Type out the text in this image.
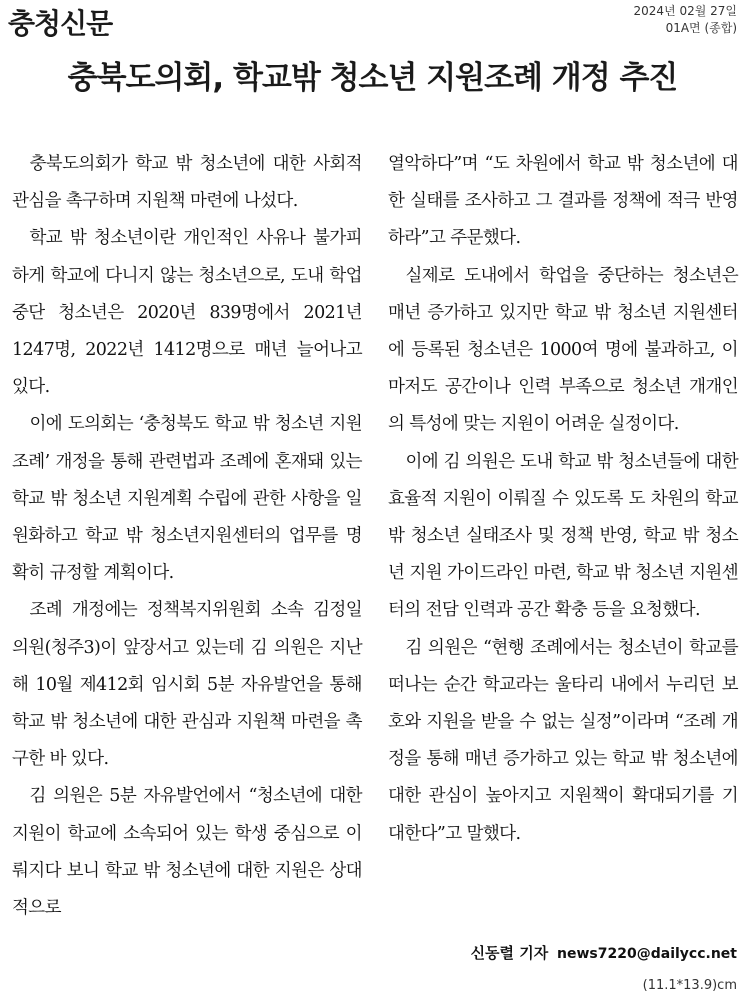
충청신문	2024년 02월 27일
01A면 (종합)
충북도의회, 학교밖 청소년 지원조례 개정 추진

충북도의회가 학교 밖 청소년에 대한 사회적 관심을 촉구하며 지원책 마련에 나섰다.

학교 밖 청소년이란 개인적인 사유나 불가피하게 학교에 다니지 않는 청소년으로, 도내 학업 중단 청소년은 2020년 839명에서 2021년 1247명, 2022년 1412명으로 매년 늘어나고 있다.

이에 도의회는 ‘충청북도 학교 밖 청소년 지원조례’ 개정을 통해 관련법과 조례에 혼재돼 있는 학교 밖 청소년 지원계획 수립에 관한 사항을 일원화하고 학교 밖 청소년지원센터의 업무를 명확히 규정할 계획이다.

조례 개정에는 정책복지위원회 소속 김정일 의원(청주3)이 앞장서고 있는데 김 의원은 지난해 10월 제412회 임시회 5분 자유발언을 통해 학교 밖 청소년에 대한 관심과 지원책 마련을 촉구한 바 있다.

김 의원은 5분 자유발언에서 “청소년에 대한 지원이 학교에 소속되어 있는 학생 중심으로 이뤄지다 보니 학교 밖 청소년에 대한 지원은 상대적으로

열악하다”며 “도 차원에서 학교 밖 청소년에 대한 실태를 조사하고 그 결과를 정책에 적극 반영하라”고 주문했다.

실제로 도내에서 학업을 중단하는 청소년은 매년 증가하고 있지만 학교 밖 청소년 지원센터에 등록된 청소년은 1000여 명에 불과하고, 이마저도 공간이나 인력 부족으로 청소년 개개인의 특성에 맞는 지원이 어려운 실정이다.

이에 김 의원은 도내 학교 밖 청소년들에 대한 효율적 지원이 이뤄질 수 있도록 도 차원의 학교 밖 청소년 실태조사 및 정책 반영, 학교 밖 청소년 지원 가이드라인 마련, 학교 밖 청소년 지원센터의 전담 인력과 공간 확충 등을 요청했다.

김 의원은 “현행 조례에서는 청소년이 학교를 떠나는 순간 학교라는 울타리 내에서 누리던 보호와 지원을 받을 수 없는 실정”이라며 “조례 개정을 통해 매년 증가하고 있는 학교 밖 청소년에 대한 관심이 높아지고 지원책이 확대되기를 기대한다”고 말했다.

신동렬 기자 news7220@dailycc.net
(11.1*13.9)cm
